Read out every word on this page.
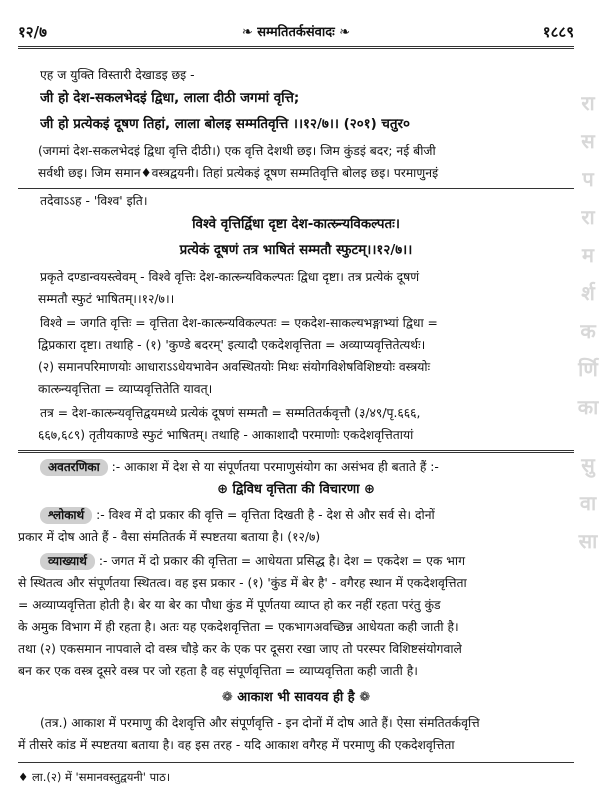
१२/७	❧ सम्मतितर्कसंवादः ❧	१८८९
एह ज युक्ति विस्तारी देखाडइ छइ -
जी हो देश-सकलभेदइं द्विधा, लाला दीठी जगमां वृत्ति;
जी हो प्रत्येकइं दूषण तिहां, लाला बोलइ सम्मतिवृत्ति ।।१२/७।। (२०१) चतुर०
(जगमां देश-सकलभेदइं द्विधा वृत्ति दीठी।) एक वृत्ति देशथी छइ। जिम कुंडइं बदर; नई बीजी
सर्वथी छइ। जिम समान♦वस्त्रद्वयनी। तिहां प्रत्येकइं दूषण सम्मतिवृत्ति बोलइ छइ। परमाणुनइं
तदेवाऽऽह - 'विश्व' इति।
विश्वे वृत्तिर्द्विधा दृष्टा देश-कात्स्र्न्यविकल्पतः।
प्रत्येकं दूषणं तत्र भाषितं सम्मतौ स्फुटम्।।१२/७।।
प्रकृते दण्डान्वयस्त्वेवम् - विश्वे वृत्तिः देश-कात्स्र्न्यविकल्पतः द्विधा दृष्टा। तत्र प्रत्येकं दूषणं
सम्मतौ स्फुटं भाषितम्।।१२/७।।
विश्वे = जगति वृत्तिः = वृत्तिता देश-कात्स्र्न्यविकल्पतः = एकदेश-साकल्यभङ्गाभ्यां द्विधा =
द्विप्रकारा दृष्टा। तथाहि - (१) 'कुण्डे बदरम्' इत्यादौ एकदेशवृत्तिता = अव्याप्यवृत्तितेत्यर्थः।
(२) समानपरिमाणयोः आधाराऽऽधेयभावेन अवस्थितयोः मिथः संयोगविशेषविशिष्टयोः वस्त्रयोः
कात्स्र्न्यवृत्तिता = व्याप्यवृत्तितेति यावत्।
तत्र = देश-कात्स्र्न्यवृत्तिद्वयमध्ये प्रत्येकं दूषणं सम्मतौ = सम्मतितर्कवृत्तौ (३/४९/पृ.६६६,
६६७,६८९) तृतीयकाण्डे स्फुटं भाषितम्। तथाहि - आकाशादौ परमाणोः एकदेशवृत्तितायां
अवतरणिका :- आकाश में देश से या संपूर्णतया परमाणुसंयोग का असंभव ही बताते हैं :-
⊕ द्विविध वृत्तिता की विचारणा ⊕
श्लोकार्थ :- विश्व में दो प्रकार की वृत्ति = वृत्तिता दिखती है - देश से और सर्व से। दोनों
प्रकार में दोष आते हैं - वैसा संमतितर्क में स्पष्टतया बताया है। (१२/७)
व्याख्यार्थ :- जगत में दो प्रकार की वृत्तिता = आधेयता प्रसिद्ध है। देश = एकदेश = एक भाग
से स्थितत्व और संपूर्णतया स्थितत्व। वह इस प्रकार - (१) 'कुंड में बेर है' - वगैरह स्थान में एकदेशवृत्तिता
= अव्याप्यवृत्तिता होती है। बेर या बेर का पौधा कुंड में पूर्णतया व्याप्त हो कर नहीं रहता परंतु कुंड
के अमुक विभाग में ही रहता है। अतः यह एकदेशवृत्तिता = एकभागअवच्छिन्न आधेयता कही जाती है।
तथा (२) एकसमान नापवाले दो वस्त्र चौड़े कर के एक पर दूसरा रखा जाए तो परस्पर विशिष्टसंयोगवाले
बन कर एक वस्त्र दूसरे वस्त्र पर जो रहता है वह संपूर्णवृत्तिता = व्याप्यवृत्तिता कही जाती है।
❁ आकाश भी सावयव ही है ❁
(तत्र.) आकाश में परमाणु की देशवृत्ति और संपूर्णवृत्ति - इन दोनों में दोष आते हैं। ऐसा संमतितर्कवृत्ति
में तीसरे कांड में स्पष्टतया बताया है। वह इस तरह - यदि आकाश वगैरह में परमाणु की एकदेशवृत्तिता
♦ ला.(२) में 'समानवस्तुद्वयनी' पाठ।
रा
स
प
रा
म
र्श
क
र्णि
का
सु
वा
सा
